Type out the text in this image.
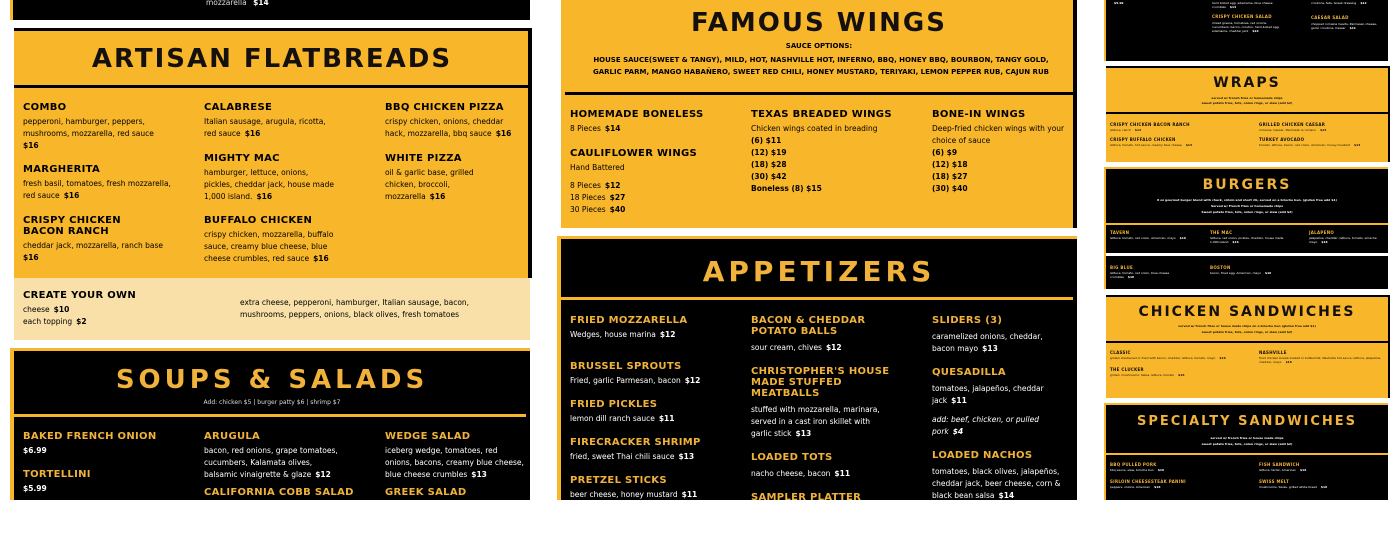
mozzarella $14
ARTISAN FLATBREADS
COMBO
pepperoni, hamburger, peppers, mushrooms, mozzarella, red sauce
$16
MARGHERITA
fresh basil, tomatoes, fresh mozzarella, red sauce $16
CRISPY CHICKEN BACON RANCH
cheddar jack, mozzarella, ranch base
$16
CALABRESE
Italian sausage, arugula, ricotta, red sauce $16
MIGHTY MAC
hamburger, lettuce, onions, pickles, cheddar jack, house made 1,000 island. $16
BUFFALO CHICKEN
crispy chicken, mozzarella, buffalo sauce, creamy blue cheese, blue cheese crumbles, red sauce $16
BBQ CHICKEN PIZZA
crispy chicken, onions, cheddar hack, mozzarella, bbq sauce $16
WHITE PIZZA
oil & garlic base, grilled chicken, broccoli, mozzarella $16
CREATE YOUR OWN
cheese $10
each topping $2
extra cheese, pepperoni, hamburger, Italian sausage, bacon, mushrooms, peppers, onions, black olives, fresh tomatoes
SOUPS & SALADS
Add: chicken $5 | burger patty $6 | shrimp $7
BAKED FRENCH ONION
$6.99
TORTELLINI
$5.99
ARUGULA
bacon, red onions, grape tomatoes, cucumbers, Kalamata olives, balsamic vinaigrette & glaze $12
CALIFORNIA COBB SALAD
WEDGE SALAD
iceberg wedge, tomatoes, red onions, bacons, creamy blue cheese, blue cheese crumbles $13
GREEK SALAD
FAMOUS WINGS
SAUCE OPTIONS:
HOUSE SAUCE(SWEET & TANGY), MILD, HOT, NASHVILLE HOT, INFERNO, BBQ, HONEY BBQ, BOURBON, TANGY GOLD, GARLIC PARM, MANGO HABAÑERO, SWEET RED CHILI, HONEY MUSTARD, TERIYAKI, LEMON PEPPER RUB, CAJUN RUB
HOMEMADE BONELESS
8 Pieces $14
CAULIFLOWER WINGS
Hand Battered
8 Pieces $12
18 Pieces $27
30 Pieces $40
TEXAS BREADED WINGS
Chicken wings coated in breading
(6) $11
(12) $19
(18) $28
(30) $42
Boneless (8) $15
BONE-IN WINGS
Deep-fried chicken wings with your choice of sauce
(6) $9
(12) $18
(18) $27
(30) $40
APPETIZERS
FRIED MOZZARELLA
Wedges, house marina $12
BRUSSEL SPROUTS
Fried, garlic Parmesan, bacon $12
FRIED PICKLES
lemon dill ranch sauce $11
FIRECRACKER SHRIMP
fried, sweet Thai chili sauce $13
PRETZEL STICKS
beer cheese, honey mustard $11
BACON & CHEDDAR POTATO BALLS
sour cream, chives $12
CHRISTOPHER'S HOUSE MADE STUFFED MEATBALLS
stuffed with mozzarella, marinara, served in a cast iron skillet with garlic stick $13
LOADED TOTS
nacho cheese, bacon $11
SAMPLER PLATTER
onion rings, boneless tenders, fried mozzarella $14
SLIDERS (3)
caramelized onions, cheddar, bacon mayo $13
QUESADILLA
tomatoes, jalapeños, cheddar jack $11
add: beef, chicken, or pulled pork $4
LOADED NACHOS
tomatoes, black olives, jalapeños, cheddar jack, beer cheese, corn & black bean salsa $14
add: beef, chicken, or pulled pork $5
$5.99	hard boiled egg, edamame, blue cheese crumbles $14
CRISPY CHICKEN SALAD
mixed greens, tomatoes, red onions, cucumbers, bacon, crouton, hard-boiled egg, edamame, cheddar jack $16
croutons, feta, Greek dressing $12
CAESAR SALAD
chopped romaine hearts, Parmesan cheese, garlic croutons, Caesar $11
WRAPS
served w/ french fries or homemade chips
sweet potato fries, tots, onion rings, or slaw (add $2)
CRISPY CHICKEN BACON RANCH
lettuce, ranch $13
CRISPY BUFFALO CHICKEN
lettuce, tomato, hot sauce, creamy blue cheese $13
GRILLED CHICKEN CAESAR
romaine, Caesar, Parmesan & romano $13
TURKEY AVOCADO
tomato, lettuce, bacon, red onion, American, honey mustard $14
BURGERS
8 oz gourmet burger blend with chuck, sirloin and short rib, served on a brioche bun. (gluten free add $1)
Served w/ French fries or homemade chips
Sweet potato fries, tots, onion rings, or slaw (add $2)
TAVERN
lettuce, tomato, red onion, American, mayo $16
THE MAC
lettuce, red onion, pickles, cheddar, house made 1,000 island $16
JALAPEÑO
jalapeños, cheddar, lettuce, tomato, sriracha mayo $16
BIG BLUE
lettuce, tomato, red onion, blue cheese crumbles $16
BOSTON
bacon, fried egg, American, mayo $16
CHICKEN SANDWICHES
served w/ french fries or house made chips on a brioche bun (gluten free add $1)
sweet potato fries, tots, onion rings, or slaw (add $2)
CLASSIC
grilled, blackened or fried with bacon, cheddar, lettuce, tomato, mayo $16
THE CLUCKER
grilled, mushrooms, Swiss, lettuce, tomato $16
NASHVILLE
fried chicken breast soaked in buttermilk, Nashville hot sauce, lettuce, jalapeños, cheddar, mayo $16
SPECIALTY SANDWICHES
served w/ french fries or house made chips
sweet potato fries, tots, onion rings, or slaw (add $2)
BBQ PULLED PORK
bbq sauce, slaw, brioche bun $16
SIRLOIN CHEESESTEAK PANINI
peppers, onions, American $16
FISH SANDWICH
lettuce, tartar, American $16
SWISS MELT
mushrooms, Swiss, grilled white bread $16
